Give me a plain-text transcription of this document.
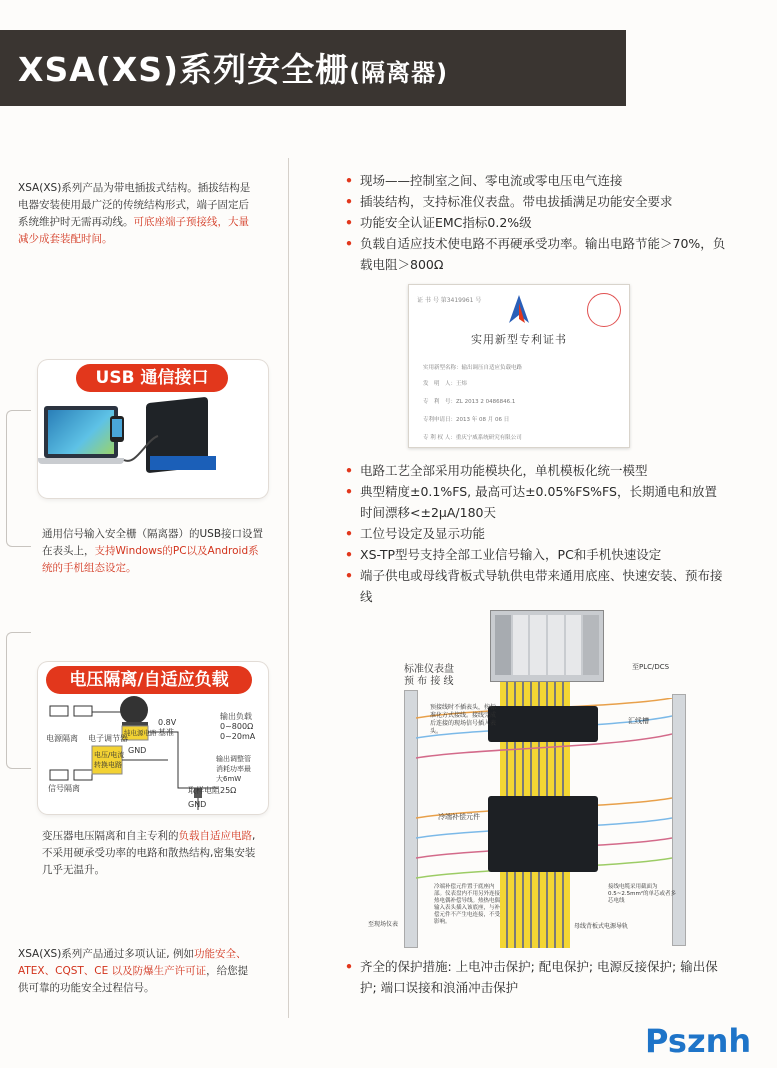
XSA(XS)系列安全栅(隔离器)
XSA(XS)系列产品为带电插拔式结构。插拔结构是电器安装使用最广泛的传统结构形式，端子固定后系统维护时无需再动线。可底座端子预接线，大量减少成套装配时间。
USB 通信接口
通用信号输入安全栅（隔离器）的USB接口设置在表头上，支持Windows的PC以及Android系统的手机组态设定。
电压隔离/自适应负载
电源隔离 电子调节器
0.8V
基准
纯电源电路
GND
输出负载
0~800Ω
0~20mA
电压/电流
转换电路
输出调整管
消耗功率最
大6mW
信号隔离	取样电阻25Ω
GND
变压器电压隔离和自主专利的负载自适应电路,不采用硬承受功率的电路和散热结构,密集安装几乎无温升。
XSA(XS)系列产品通过多项认证, 例如功能安全、ATEX、CQST、CE 以及防爆生产许可证，给您提供可靠的功能安全过程信号。
• 现场——控制室之间、零电流或零电压电气连接
• 插装结构，支持标准仪表盘。带电拔插满足功能安全要求
• 功能安全认证EMC指标0.2%级
• 负载自适应技术使电路不再硬承受功率。输出电路节能＞70%，负载电阻＞800Ω
证 书 号 第3419961 号
实用新型专利证书
实用新型名称：输出调压自适应负载电路
发　明　人：王炜
专　利　号：ZL 2013 2 0486846.1
专利申请日：2013 年 08 月 06 日
专 利 权 人：重庆宁威系统研究有限公司
• 电路工艺全部采用功能模块化，单机模板化统一模型
• 典型精度±0.1%FS, 最高可达±0.05%FS%FS，长期通电和放置时间漂移<±2μA/180天
• 工位号设定及显示功能
• XS-TP型号支持全部工业信号输入，PC和手机快速设定
• 端子供电或母线背板式导轨供电带来通用底座、快速安装、预布接线
标准仪表盘
预 布 接 线
至PLC/DCS
预接线时不插表头，按标准化方式接线。接线完成后连接的现场信号插入表头。
汇线槽
冷端补偿元件
冷端补偿元件置于底座内部。仪表盘内不用另外连接热电偶补偿导线。热热电偶输入表头插入该底座，与补偿元件不产生电连接，不受影响。
接线电缆采用截面为0.5~2.5mm²的单芯或者多芯电线
至现场仪表	母线背板式电源导轨
• 齐全的保护措施: 上电冲击保护; 配电保护; 电源反接保护; 输出保护; 端口误接和浪涌冲击保护
Psznh
